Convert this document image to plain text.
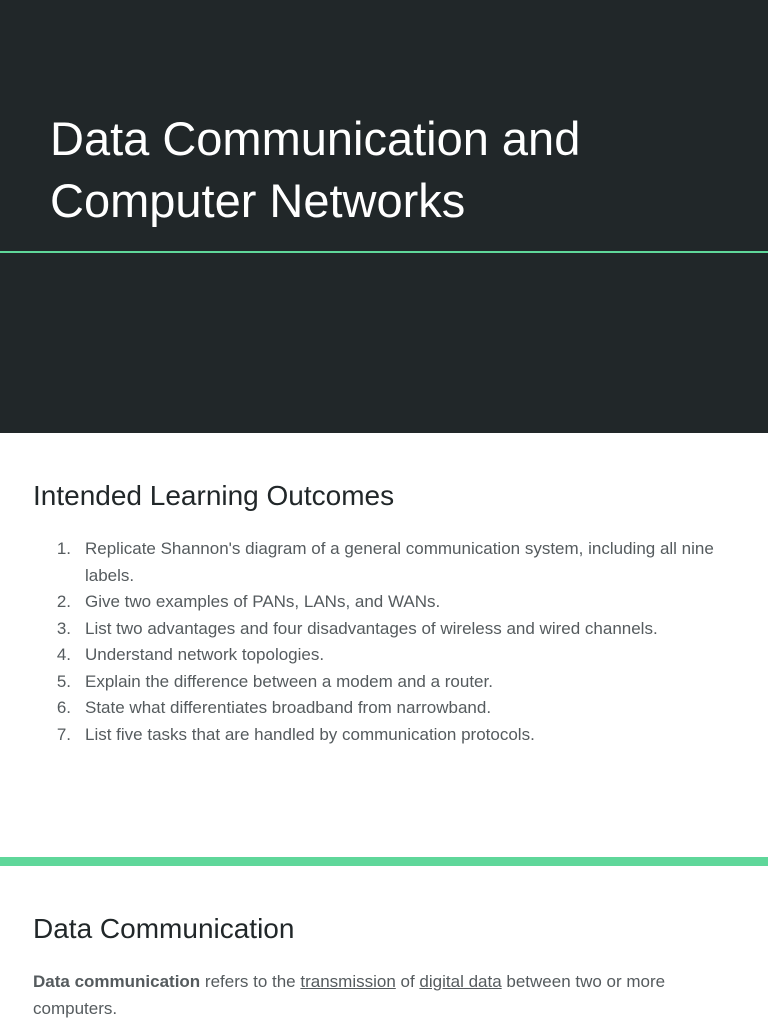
Data Communication and Computer Networks
Intended Learning Outcomes
1. Replicate Shannon's diagram of a general communication system, including all nine labels.
2. Give two examples of PANs, LANs, and WANs.
3. List two advantages and four disadvantages of wireless and wired channels.
4. Understand network topologies.
5. Explain the difference between a modem and a router.
6. State what differentiates broadband from narrowband.
7. List five tasks that are handled by communication protocols.
Data Communication

Data communication refers to the transmission of digital data between two or more computers.
